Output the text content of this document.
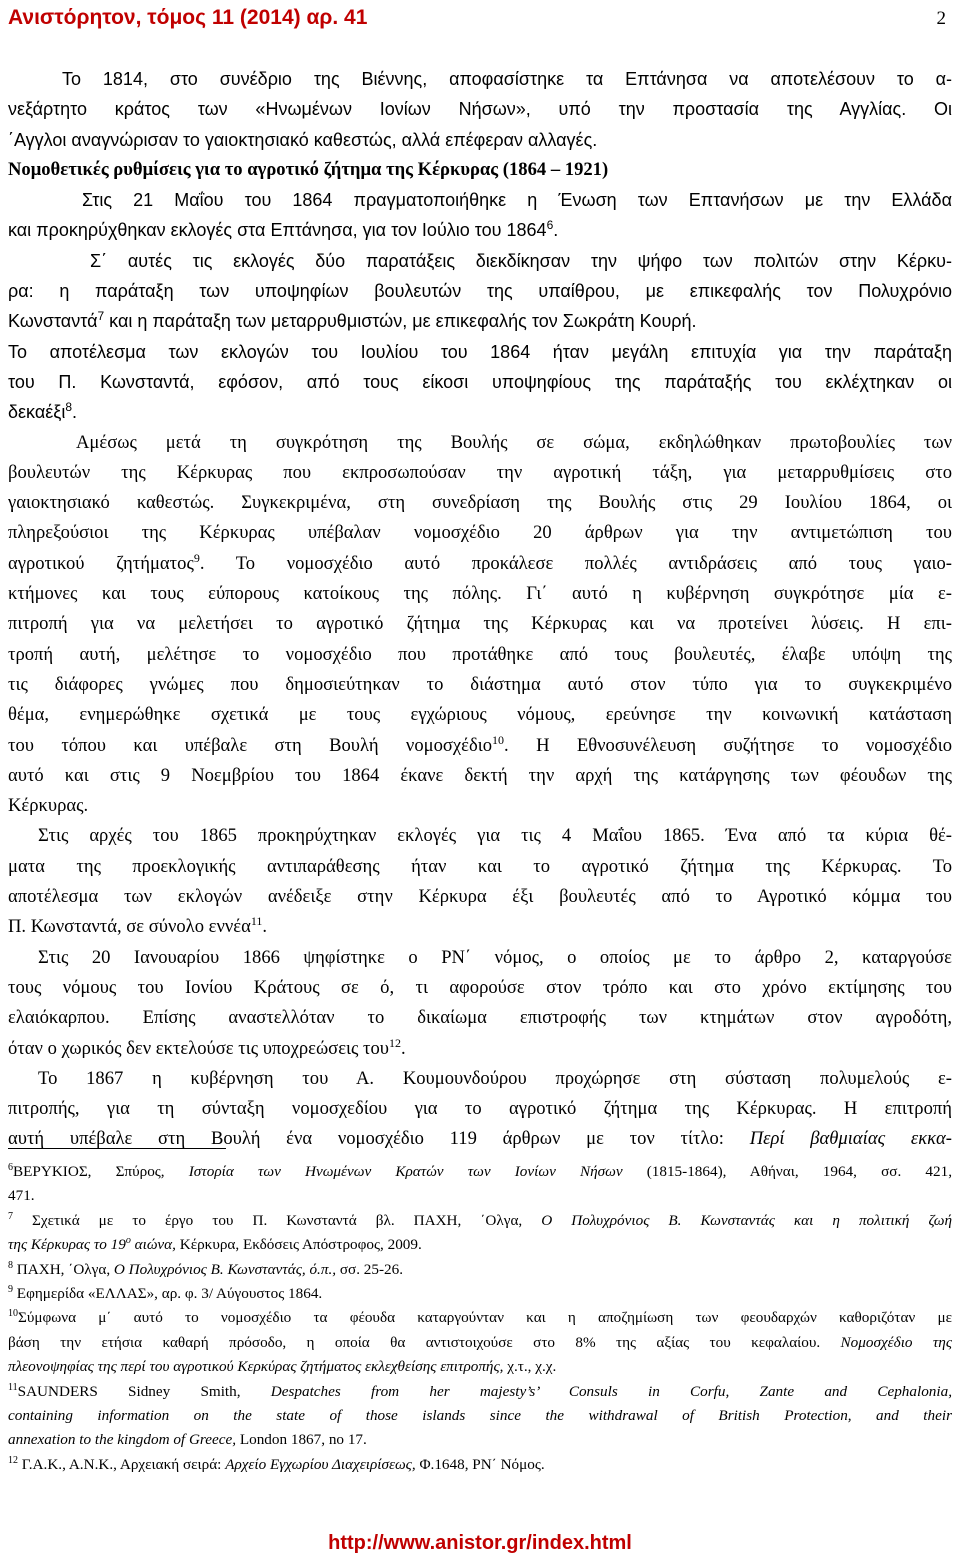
Ανιστόρητον, τόμος 11 (2014) αρ. 41	2
Το 1814, στο συνέδριο της Βιέννης, αποφασίστηκε τα Επτάνησα να αποτελέσουν το α-
νεξάρτητο κράτος των «Ηνωμένων Ιονίων Νήσων», υπό την προστασία της Αγγλίας. Οι
΄Αγγλοι αναγνώρισαν το γαιοκτησιακό καθεστώς, αλλά επέφεραν αλλαγές.
Νομοθετικές ρυθμίσεις για το αγροτικό ζήτημα της Κέρκυρας (1864 – 1921)
Στις 21 Μαΐου του 1864 πραγματοποιήθηκε η Ένωση των Επτανήσων με την Ελλάδα
και προκηρύχθηκαν εκλογές στα Επτάνησα, για τον Ιούλιο του 1864$^6$.
Σ΄ αυτές τις εκλογές δύο παρατάξεις διεκδίκησαν την ψήφο των πολιτών στην Κέρκυ-
ρα: η παράταξη των υποψηφίων βουλευτών της υπαίθρου, με επικεφαλής τον Πολυχρόνιο
Κωνσταντά$^7$ και η παράταξη των μεταρρυθμιστών, με επικεφαλής τον Σωκράτη Κουρή.
Το αποτέλεσμα των εκλογών του Ιουλίου του 1864 ήταν μεγάλη επιτυχία για την παράταξη
του Π. Κωνσταντά, εφόσον, από τους είκοσι υποψηφίους της παράταξής του εκλέχτηκαν οι
δεκαέξι$^8$.
Αμέσως μετά τη συγκρότηση της Βουλής σε σώμα, εκδηλώθηκαν πρωτοβουλίες των
βουλευτών της Κέρκυρας που εκπροσωπούσαν την αγροτική τάξη, για μεταρρυθμίσεις στο
γαιοκτησιακό καθεστώς. Συγκεκριμένα, στη συνεδρίαση της Βουλής στις 29 Ιουλίου 1864, οι
πληρεξούσιοι της Κέρκυρας υπέβαλαν νομοσχέδιο 20 άρθρων για την αντιμετώπιση του
αγροτικού ζητήματος$^9$. Το νομοσχέδιο αυτό προκάλεσε πολλές αντιδράσεις από τους γαιο-
κτήμονες και τους εύπορους κατοίκους της πόλης. Γι΄ αυτό η κυβέρνηση συγκρότησε μία ε-
πιτροπή για να μελετήσει το αγροτικό ζήτημα της Κέρκυρας και να προτείνει λύσεις. Η επι-
τροπή αυτή, μελέτησε το νομοσχέδιο που προτάθηκε από τους βουλευτές, έλαβε υπόψη της
τις διάφορες γνώμες που δημοσιεύτηκαν το διάστημα αυτό στον τύπο για το συγκεκριμένο
θέμα, ενημερώθηκε σχετικά με τους εγχώριους νόμους, ερεύνησε την κοινωνική κατάσταση
του τόπου και υπέβαλε στη Βουλή νομοσχέδιο$^{10}$. Η Εθνοσυνέλευση συζήτησε το νομοσχέδιο
αυτό και στις 9 Νοεμβρίου του 1864 έκανε δεκτή την αρχή της κατάργησης των φέουδων της
Κέρκυρας.
Στις αρχές του 1865 προκηρύχτηκαν εκλογές για τις 4 Μαΐου 1865. Ένα από τα κύρια θέ-
ματα της προεκλογικής αντιπαράθεσης ήταν και το αγροτικό ζήτημα της Κέρκυρας. Το
αποτέλεσμα των εκλογών ανέδειξε στην Κέρκυρα έξι βουλευτές από το Αγροτικό κόμμα του
Π. Κωνσταντά, σε σύνολο εννέα$^{11}$.
Στις 20 Ιανουαρίου 1866 ψηφίστηκε ο ΡΝ΄ νόμος, ο οποίος με το άρθρο 2, καταργούσε
τους νόμους του Ιονίου Κράτους σε ό, τι αφορούσε στον τρόπο και στο χρόνο εκτίμησης του
ελαιόκαρπου. Επίσης αναστελλόταν το δικαίωμα επιστροφής των κτημάτων στον αγροδότη,
όταν ο χωρικός δεν εκτελούσε τις υποχρεώσεις του$^{12}$.
Το 1867 η κυβέρνηση του Α. Κουμουνδούρου προχώρησε στη σύσταση πολυμελούς ε-
πιτροπής, για τη σύνταξη νομοσχεδίου για το αγροτικό ζήτημα της Κέρκυρας. Η επιτροπή
αυτή υπέβαλε στη Βουλή ένα νομοσχέδιο 119 άρθρων με τον τίτλο: Περί βαθμιαίας εκκα-
$^6$ΒΕΡΥΚΙΟΣ, Σπύρος, Ιστορία των Ηνωμένων Κρατών των Ιονίων Νήσων (1815-1864), Αθήναι, 1964, σσ. 421,
471.
$^7$ Σχετικά με το έργο του Π. Κωνσταντά βλ. ΠΑΧΗ, ΄Ολγα, Ο Πολυχρόνιος Β. Κωνσταντάς και η πολιτική ζωή
της Κέρκυρας το $19^o$ αιώνα, Κέρκυρα, Εκδόσεις Απόστροφος, 2009.
$^8$ ΠΑΧΗ, ΄Ολγα, Ο Πολυχρόνιος Β. Κωνσταντάς, ό.π., σσ. 25-26.
$^9$ Εφημερίδα «ΕΛΛΑΣ», αρ. φ. 3/ Αύγουστος 1864.
$^{10}$Σύμφωνα μ΄ αυτό το νομοσχέδιο τα φέουδα καταργούνταν και η αποζημίωση των φεουδαρχών καθοριζόταν με
βάση την ετήσια καθαρή πρόσοδο, η οποία θα αντιστοιχούσε στο 8% της αξίας του κεφαλαίου. Νομοσχέδιο της
πλεονοψηφίας της περί του αγροτικού Κερκύρας ζητήματος εκλεχθείσης επιτροπής, χ.τ., χ.χ.
$^{11}$SAUNDERS Sidney Smith, Despatches from her majesty’s’ Consuls in Corfu, Zante and Cephalonia,
containing information on the state of those islands since the withdrawal of British Protection, and their
annexation to the kingdom of Greece, London 1867, no 17.
$^{12}$ Γ.Α.Κ., Α.Ν.Κ., Αρχειακή σειρά: Αρχείο Εγχωρίου Διαχειρίσεως, Φ.1648, ΡΝ΄ Νόμος.
http://www.anistor.gr/index.html
